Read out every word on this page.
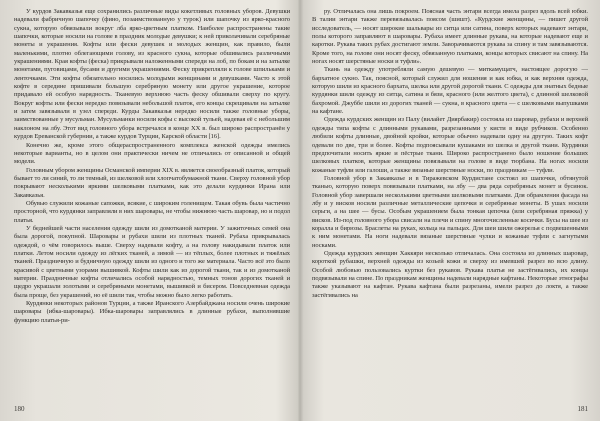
У курдов Закавказья еще сохранились различные виды кокетливых головных уборов. Девушки надевали фабричную шапочку (фино, позаимствованную у турок) или шапочку из ярко-красного сукна, которую обвязывали вокруг лба ярко-цветным платком. Наиболее распространены такие шапочки, которые носили на голове в праздник молодые девушки; к ней приколачивали серебряные монеты и украшения. Кофты или фески девушек и молодых женщин, как правило, были маленькими, плотно облегающими голову, из красного сукна, которые обшивались различными украшениями. Края кофты (феска) прикрывали наложенными спереди на лоб, по бокам и на затылке монетами, пуговицами, бусами и другими украшениями. Феску прикрепляли к голове шпильками и ленточками. Эти кофты обязательно носились молодыми женщинами и девушками. Часто к этой кофте в середине пришивали большую серебряную монету или другое украшение, которое придавало ей особую нарядность. Тканевую верхнюю часть феску обшивали сверху по кругу. Вокруг кофты или фески нередко повязывали небольшой платок, его концы скрещивали на затылке и затем завязывали в узел спереди. Курды Закавказья нередко носили также головные уборы, заимствованные у мусульман. Мусульманки носили кофы с высокой тульей, надевая её с небольшим наклоном на лбу. Этот вид головного убора встречался в конце XX в. был широко распространён у курдов Ереванской губернии, а также курдов Турции, Карской области [16].

Конечно же, кроме этого общераспространенного комплекса женской одежды имелись некоторые варианты, но в целом они практически ничем не отличались от описанной и общей модели.

Головным убором женщины Османской империи XIX в. является своеобразный платок, который бывает то ли синий, то ли темный, из шелковой или хлопчатобумажной ткани. Сверху головной убор покрывают несколькими яркими шелковыми платками, как это делали курдянки Ирана или Закавказья.

Обувью служили кожаные сапожки, всякие, с широким голенищем. Такая обувь была частично просторной, что курдянки заправляли в них шаровары, не чтобы нижнюю часть шаровар, но и подол платья.

У беднейшей части населения одежду шили из домотканой материи. У зажиточных семей она была дорогой, покупной. Шаровары и рубахи шили из плотных тканей. Рубаха прикрывалась одеждой, о чём говорилось выше. Сверху надевали кофту, а на голову накидывали платок или платки. Летом носили одежду из лёгких тканей, а зимой — из тёплых, более плотных и тяжёлых тканей. Праздничную и будничную одежду шили из одного и того же материала. Часто всё это было красивой с цветными узорами вышивкой. Кофты шили как из дорогой ткани, так и из домотканой материи. Праздничные кофты отличались особой нарядностью, темных тонов дорогих тканей и щедро украшали золотыми и серебряными монетами, вышивкой и бисером. Повседневная одежда была проще, без украшений, но её шили так, чтобы можно было легко работать.

Курдянки некоторых районов Турции, а также Иранского Азербайджана носили очень широкие шаровары (ибка-шаровары). Ибка-шаровары заправлялись в длинные рубахи, выполнявшие функцию платья-ри-

180

ру. Отличалась она лишь покроем. Поясная часть энтари всегда имела разрез вдоль всей юбки. В талии энтари также перевязывалась поясом (шишт). «Курдские женщины, — пишет другой исследователь, — носят широкие шальвары из ситца или сатина, поверх которых надевают энтари, полы которого заправляют в шаровары. Рубаха имеет длинные рукава, на которые надевают еще и каротки. Рукава таких рубах достигают земли. Заворачиваются рукава за спину и там завязываются. Кроме того, на голове они носят феску, обвязанную платками, концы которых свисают на спину. На ногах носят шерстяные носки и туфли».

Ткань на одежду употребляли самую дешевую — миткамущатч, настоящее дорогую — бархатное сукно. Так, поясной, который служил для ношения и как юбка, и как верхняя одежда, которую шили из красного бархата, шелка или другой дорогой ткани. С одежды для знатных бедные курдянки шили одежду из ситца, сатина и бязи, красного (или желтого цвета), с длинной шелковой бахромой. Джуббе шили из дорогих тканей — сукна, в красного цвета — с шелковыми выпушками на кафтане.

Одежда курдских женщин из Палу (вилайет Диярбакир) состояла из шаровар, рубахи и верхней одежды типа кофты с длинными рукавами, разрезанными у кисти в виде рубчиков. Особенно любили кофты длинные, двойной кройки, которые обычно надевали одну на другую. Таких кофт одевали по две, три и более. Кофты подпоясывали кушаками из шелка и другой ткани. Курдянки предпочитали носить яркие и пёстрые ткани. Широко распространено было ношение больших шелковых платков, которые женщины повязывали на голове в виде тюрбана. На ногах носили кожаные туфли или галоши, а также вязаные шерстяные носки, по праздникам — туфли.

Головной убор в Закавказье и в Тиражевском Курдистане состоял из шапочки, обтянутой тканью, которую поверх повязывали платками, на лбу — два ряда серебряных монет и бусинок. Головной убор завершали несколькими цветными шелковыми платками. Для обрамления фасада на лбу и у висков носили различные металлические цепочки и серебряные монеты. В ушах носили серьги, а на шее — бусы. Особым украшением была тонкая цепочка (или серебряная пряжка) у висков. Из-под головного убора свисали на плечи и спину многочисленные косички. Бусы на шее из коралла и бирюзы. Браслеты на руках, кольца на пальцах. Для шеи шили ожерелья с подвешенными к ним монетами. На ноги надевали вязаные шерстяные чулки и кожаные туфли с загнутыми носками.

Одежда курдских женщин Хаккяри несколько отличалась. Она состояла из длинных шаровар, короткой рубашки, верхней одежды из козьей кожи и сверху из имевшей разрез во всю длину. Особой любовью пользовались куртки без рукавов. Рукава платья не застёгивались, их концы подвязывали на спине. По праздникам женщины надевали нарядные кафтаны. Некоторые этнографы также указывают на кафтан. Рукава кафтана были разрезаны, имели разрез до локтя, а также застёгивались на

181
